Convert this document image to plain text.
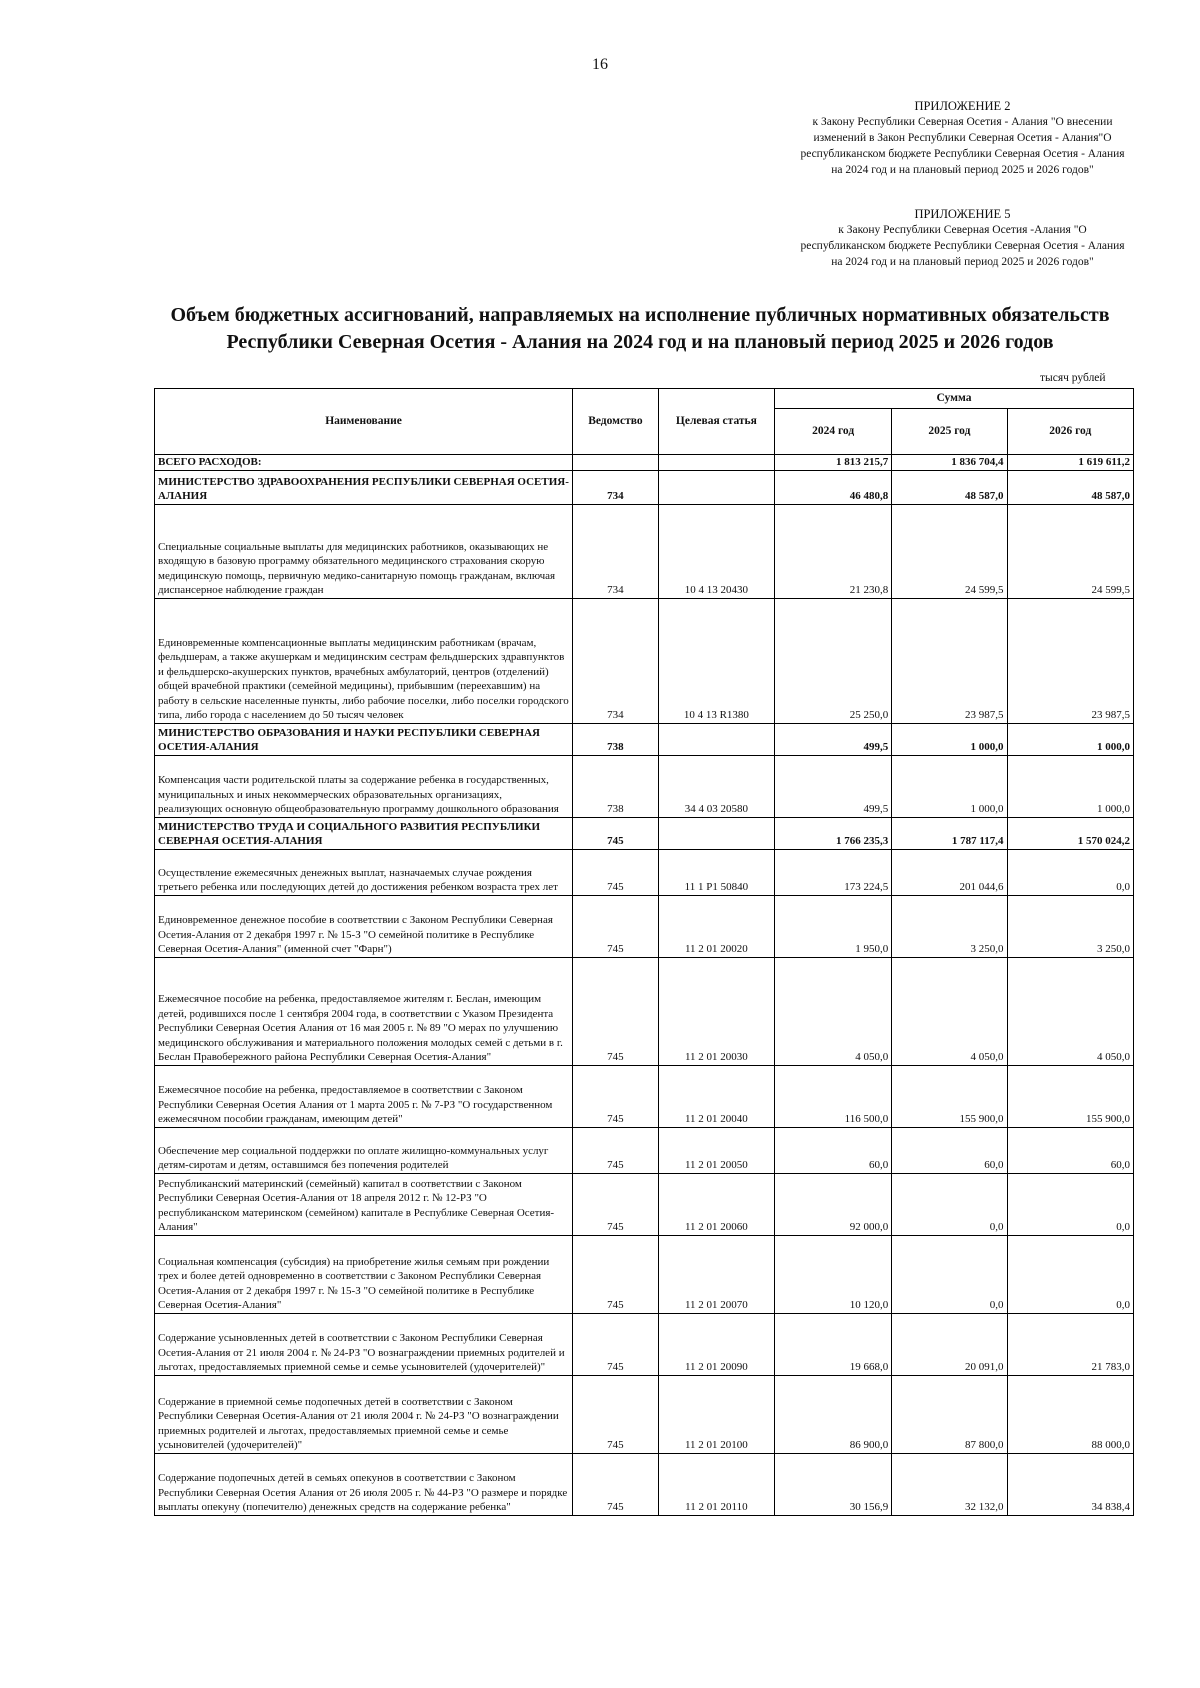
16
ПРИЛОЖЕНИЕ 2
к Закону Республики Северная Осетия - Алания "О внесении изменений в Закон Республики Северная Осетия - Алания"О республиканском бюджете Республики Северная Осетия - Алания на 2024 год и на плановый период 2025 и 2026 годов"
ПРИЛОЖЕНИЕ 5
к Закону Республики Северная Осетия -Алания "О республиканском бюджете Республики Северная Осетия - Алания на 2024 год и на плановый период 2025 и 2026 годов"
Объем бюджетных ассигнований, направляемых на исполнение публичных нормативных обязательств Республики Северная Осетия - Алания на 2024 год и на плановый период 2025 и 2026 годов
тысяч рублей
Наименование	Ведомство	Целевая статья	Сумма		
			2024 год	2025 год	2026 год
ВСЕГО РАСХОДОВ:			1 813 215,7	1 836 704,4	1 619 611,2
МИНИСТЕРСТВО ЗДРАВООХРАНЕНИЯ РЕСПУБЛИКИ СЕВЕРНАЯ ОСЕТИЯ-АЛАНИЯ	734		46 480,8	48 587,0	48 587,0
Специальные социальные выплаты для медицинских работников, оказывающих не входящую в базовую программу обязательного медицинского страхования скорую медицинскую помощь, первичную медико-санитарную помощь гражданам, включая диспансерное наблюдение граждан	734	10 4 13 20430	21 230,8	24 599,5	24 599,5
Единовременные компенсационные выплаты медицинским работникам (врачам, фельдшерам, а также акушеркам и медицинским сестрам фельдшерских здравпунктов и фельдшерско-акушерских пунктов, врачебных амбулаторий, центров (отделений) общей врачебной практики (семейной медицины), прибывшим (переехавшим) на работу в сельские населенные пункты, либо рабочие поселки, либо поселки городского типа, либо города с населением до 50 тысяч человек	734	10 4 13 R1380	25 250,0	23 987,5	23 987,5
МИНИСТЕРСТВО ОБРАЗОВАНИЯ И НАУКИ РЕСПУБЛИКИ СЕВЕРНАЯ ОСЕТИЯ-АЛАНИЯ	738		499,5	1 000,0	1 000,0
Компенсация части родительской платы за содержание ребенка в государственных, муниципальных и иных некоммерческих образовательных организациях, реализующих основную общеобразовательную программу дошкольного образования	738	34 4 03 20580	499,5	1 000,0	1 000,0
МИНИСТЕРСТВО ТРУДА И СОЦИАЛЬНОГО РАЗВИТИЯ РЕСПУБЛИКИ СЕВЕРНАЯ ОСЕТИЯ-АЛАНИЯ	745		1 766 235,3	1 787 117,4	1 570 024,2
Осуществление ежемесячных денежных выплат, назначаемых случае рождения третьего ребенка или последующих детей до достижения ребенком возраста трех лет	745	11 1 Р1 50840	173 224,5	201 044,6	0,0
Единовременное денежное пособие в соответствии с Законом Республики Северная Осетия-Алания от 2 декабря 1997 г. № 15-З "О семейной политике в Республике Северная Осетия-Алания" (именной счет "Фарн")	745	11 2 01 20020	1 950,0	3 250,0	3 250,0
Ежемесячное пособие на ребенка, предоставляемое жителям г. Беслан, имеющим детей, родившихся после 1 сентября 2004 года, в соответствии с Указом Президента Республики Северная Осетия Алания от 16 мая 2005 г. № 89 "О мерах по улучшению медицинского обслуживания и материального положения молодых семей с детьми в г. Беслан Правобережного района Республики Северная Осетия-Алания"	745	11 2 01 20030	4 050,0	4 050,0	4 050,0
Ежемесячное пособие на ребенка, предоставляемое в соответствии с Законом Республики Северная Осетия Алания от 1 марта 2005 г. № 7-РЗ "О государственном ежемесячном пособии гражданам, имеющим детей"	745	11 2 01 20040	116 500,0	155 900,0	155 900,0
Обеспечение мер социальной поддержки по оплате жилищно-коммунальных услуг детям-сиротам и детям, оставшимся без попечения родителей	745	11 2 01 20050	60,0	60,0	60,0
Республиканский материнский (семейный) капитал в соответствии с Законом Республики Северная Осетия-Алания от 18 апреля 2012 г. № 12-РЗ "О республиканском материнском (семейном) капитале в Республике Северная Осетия-Алания"	745	11 2 01 20060	92 000,0	0,0	0,0
Социальная компенсация (субсидия) на приобретение жилья семьям при рождении трех и более детей одновременно в соответствии с Законом Республики Северная Осетия-Алания от 2 декабря 1997 г. № 15-З "О семейной политике в Республике Северная Осетия-Алания"	745	11 2 01 20070	10 120,0	0,0	0,0
Содержание усыновленных детей в соответствии с Законом Республики Северная Осетия-Алания от 21 июля 2004 г. № 24-РЗ "О вознаграждении приемных родителей и льготах, предоставляемых приемной семье и семье усыновителей (удочерителей)"	745	11 2 01 20090	19 668,0	20 091,0	21 783,0
Содержание в приемной семье подопечных детей в соответствии с Законом Республики Северная Осетия-Алания от 21 июля 2004 г. № 24-РЗ "О вознаграждении приемных родителей и льготах, предоставляемых приемной семье и семье усыновителей (удочерителей)"	745	11 2 01 20100	86 900,0	87 800,0	88 000,0
Содержание подопечных детей в семьях опекунов в соответствии с Законом Республики Северная Осетия Алания от 26 июля 2005 г. № 44-РЗ "О размере и порядке выплаты опекуну (попечителю) денежных средств на содержание ребенка"	745	11 2 01 20110	30 156,9	32 132,0	34 838,4
